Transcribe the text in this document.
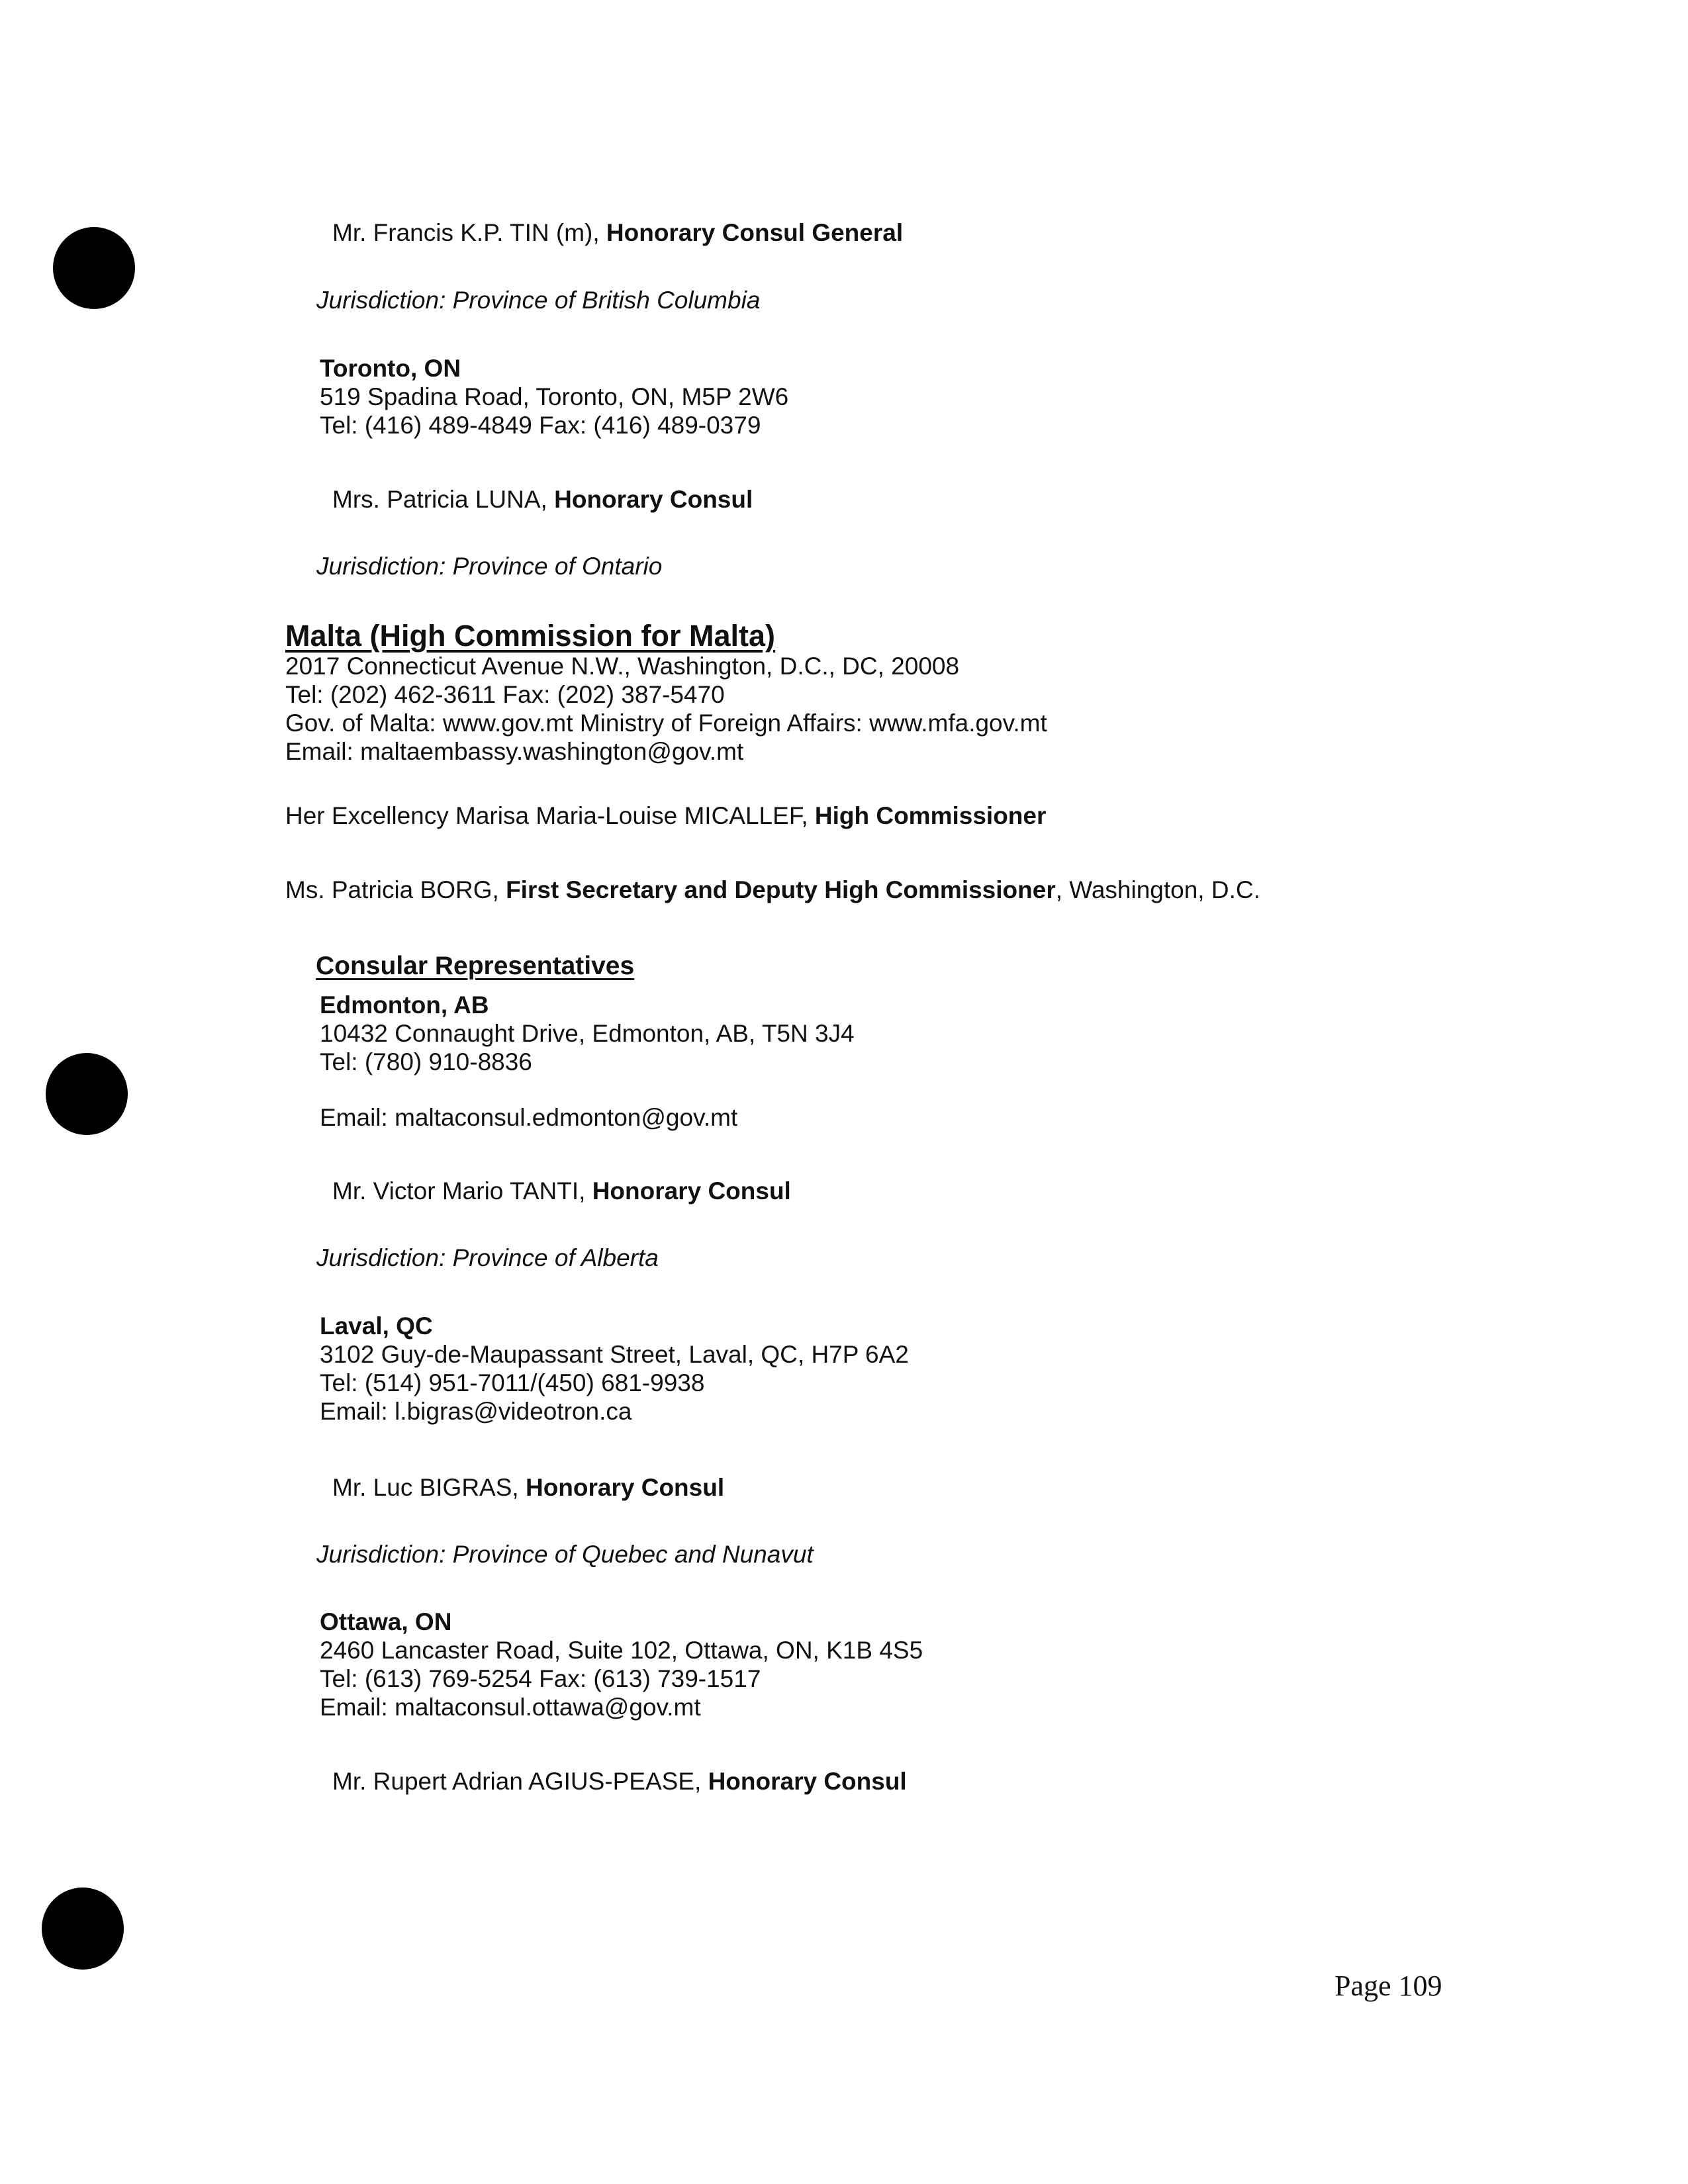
Mr. Francis K.P. TIN (m), Honorary Consul General
Jurisdiction: Province of British Columbia
Toronto, ON
519 Spadina Road, Toronto, ON, M5P 2W6
Tel: (416) 489-4849 Fax: (416) 489-0379
Mrs. Patricia LUNA, Honorary Consul
Jurisdiction: Province of Ontario
Malta (High Commission for Malta)
2017 Connecticut Avenue N.W., Washington, D.C., DC, 20008
Tel: (202) 462-3611 Fax: (202) 387-5470
Gov. of Malta: www.gov.mt Ministry of Foreign Affairs: www.mfa.gov.mt
Email: maltaembassy.washington@gov.mt
Her Excellency Marisa Maria-Louise MICALLEF, High Commissioner
Ms. Patricia BORG, First Secretary and Deputy High Commissioner, Washington, D.C.
Consular Representatives
Edmonton, AB
10432 Connaught Drive, Edmonton, AB, T5N 3J4
Tel: (780) 910-8836
Email: maltaconsul.edmonton@gov.mt
Mr. Victor Mario TANTI, Honorary Consul
Jurisdiction: Province of Alberta
Laval, QC
3102 Guy-de-Maupassant Street, Laval, QC, H7P 6A2
Tel: (514) 951-7011/(450) 681-9938
Email: l.bigras@videotron.ca
Mr. Luc BIGRAS, Honorary Consul
Jurisdiction: Province of Quebec and Nunavut
Ottawa, ON
2460 Lancaster Road, Suite 102, Ottawa, ON, K1B 4S5
Tel: (613) 769-5254 Fax: (613) 739-1517
Email: maltaconsul.ottawa@gov.mt
Mr. Rupert Adrian AGIUS-PEASE, Honorary Consul
Page 109
